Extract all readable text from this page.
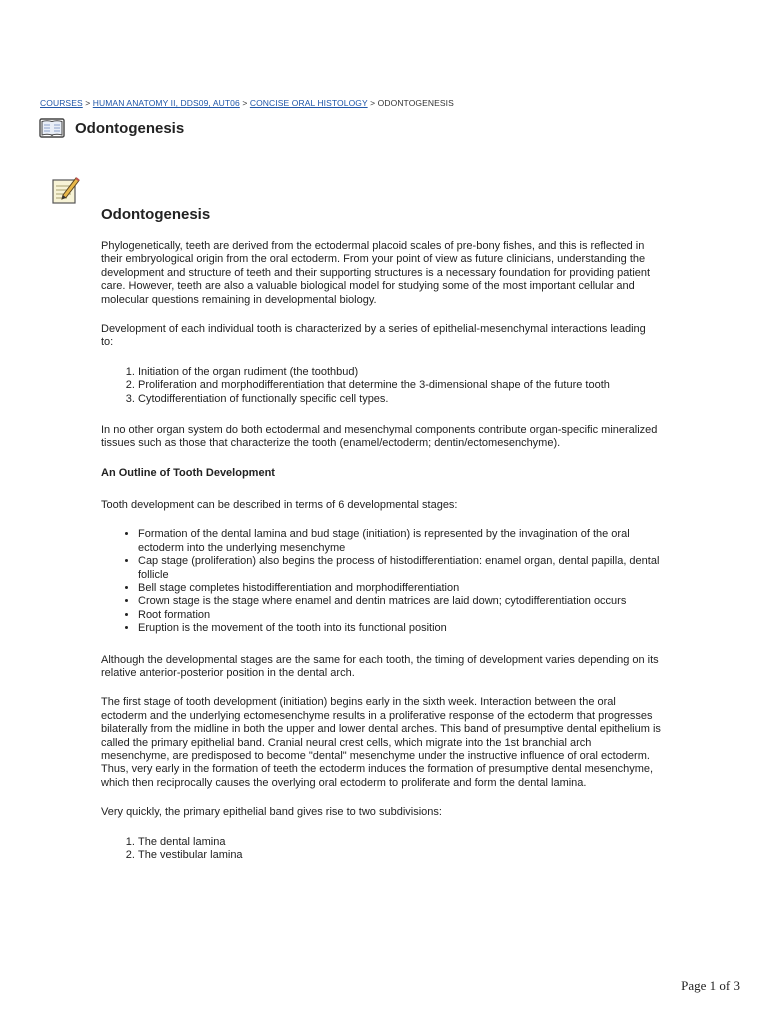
COURSES > HUMAN ANATOMY II, DDS09, AUT06 > CONCISE ORAL HISTOLOGY > ODONTOGENESIS
Odontogenesis
Odontogenesis

Phylogenetically, teeth are derived from the ectodermal placoid scales of pre-bony fishes, and this is reflected in their embryological origin from the oral ectoderm. From your point of view as future clinicians, understanding the development and structure of teeth and their supporting structures is a necessary foundation for providing patient care. However, teeth are also a valuable biological model for studying some of the most important cellular and molecular questions remaining in developmental biology.

Development of each individual tooth is characterized by a series of epithelial-mesenchymal interactions leading to:

1. Initiation of the organ rudiment (the toothbud)
2. Proliferation and morphodifferentiation that determine the 3-dimensional shape of the future tooth
3. Cytodifferentiation of functionally specific cell types.

In no other organ system do both ectodermal and mesenchymal components contribute organ-specific mineralized tissues such as those that characterize the tooth (enamel/ectoderm; dentin/ectomesenchyme).

An Outline of Tooth Development

Tooth development can be described in terms of 6 developmental stages:

• Formation of the dental lamina and bud stage (initiation) is represented by the invagination of the oral ectoderm into the underlying mesenchyme
• Cap stage (proliferation) also begins the process of histodifferentiation: enamel organ, dental papilla, dental follicle
• Bell stage completes histodifferentiation and morphodifferentiation
• Crown stage is the stage where enamel and dentin matrices are laid down; cytodifferentiation occurs
• Root formation
• Eruption is the movement of the tooth into its functional position

Although the developmental stages are the same for each tooth, the timing of development varies depending on its relative anterior-posterior position in the dental arch.

The first stage of tooth development (initiation) begins early in the sixth week. Interaction between the oral ectoderm and the underlying ectomesenchyme results in a proliferative response of the ectoderm that progresses bilaterally from the midline in both the upper and lower dental arches. This band of presumptive dental epithelium is called the primary epithelial band. Cranial neural crest cells, which migrate into the 1st branchial arch mesenchyme, are predisposed to become "dental" mesenchyme under the instructive influence of oral ectoderm. Thus, very early in the formation of teeth the ectoderm induces the formation of presumptive dental mesenchyme, which then reciprocally causes the overlying oral ectoderm to proliferate and form the dental lamina.

Very quickly, the primary epithelial band gives rise to two subdivisions:

1. The dental lamina
2. The vestibular lamina
Page 1 of 3
